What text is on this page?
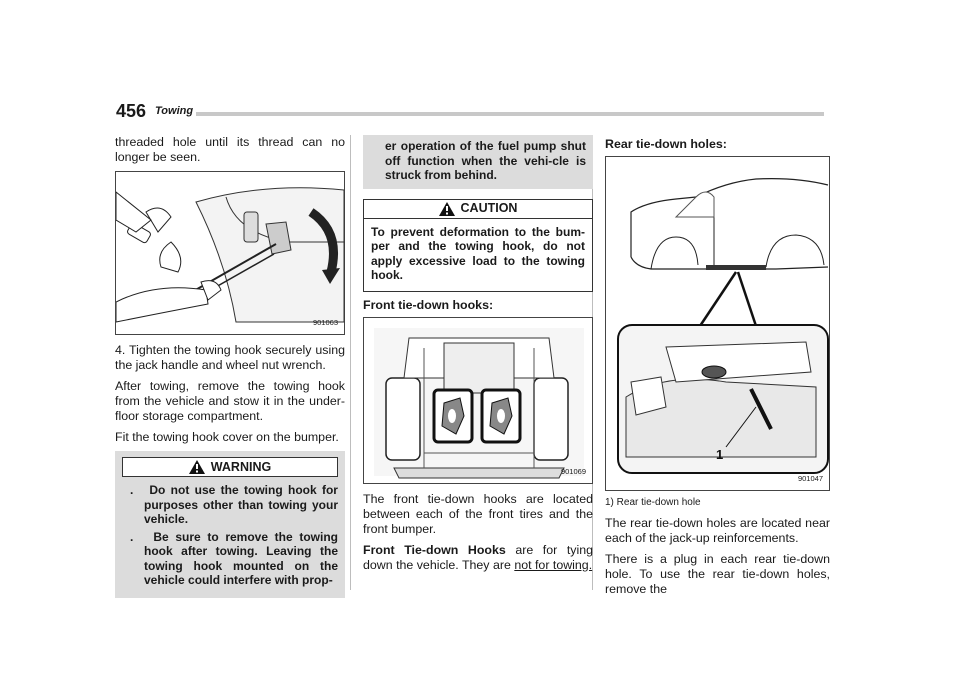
456 Towing

threaded hole until its thread can no longer be seen.

901063

4. Tighten the towing hook securely using the jack handle and wheel nut wrench.

After towing, remove the towing hook from the vehicle and stow it in the under-floor storage compartment.

Fit the towing hook cover on the bumper.

WARNING
. Do not use the towing hook for purposes other than towing your vehicle.
. Be sure to remove the towing hook after towing. Leaving the towing hook mounted on the vehicle could interfere with prop-
er operation of the fuel pump shut off function when the vehi-cle is struck from behind.
CAUTION
To prevent deformation to the bum-per and the towing hook, do not apply excessive load to the towing hook.
Front tie-down hooks:
901069

The front tie-down hooks are located between each of the front tires and the front bumper.

Front Tie-down Hooks are for tying down the vehicle. They are not for towing.

Rear tie-down holes:
1
901047
1) Rear tie-down hole

The rear tie-down holes are located near each of the jack-up reinforcements.

There is a plug in each rear tie-down hole. To use the rear tie-down holes, remove the
